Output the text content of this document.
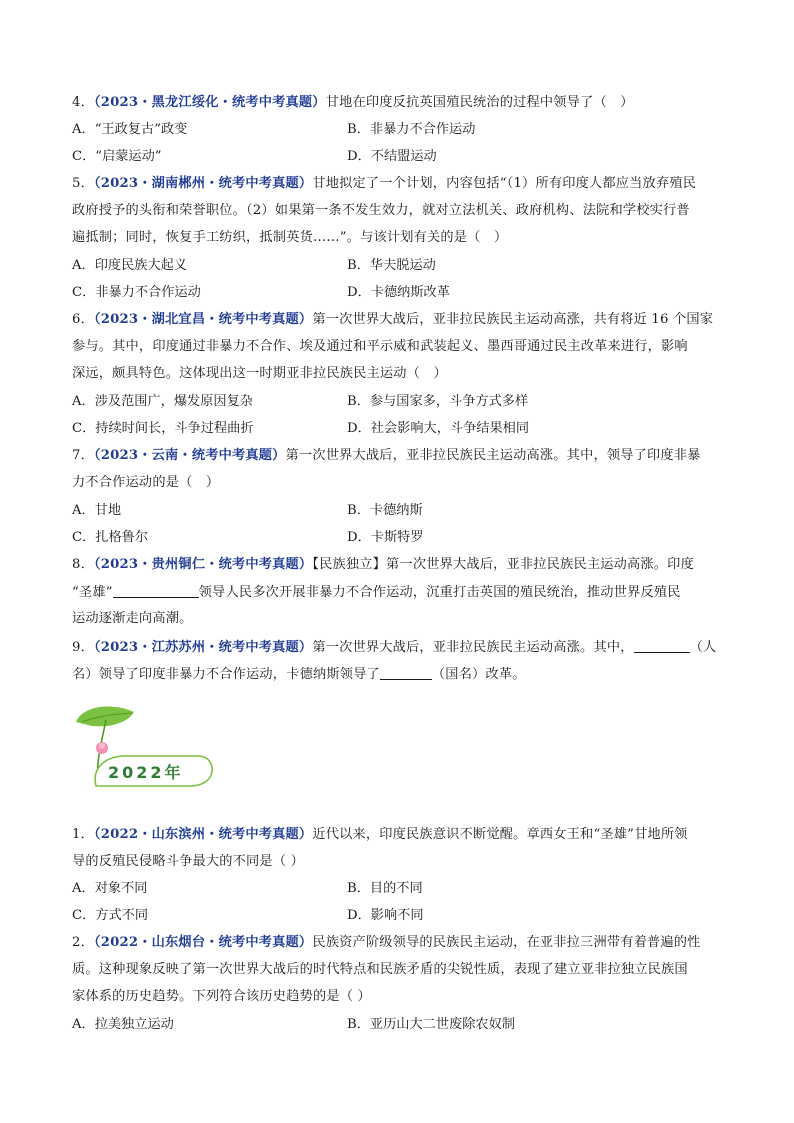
4．（2023・黑龙江绥化・统考中考真题）甘地在印度反抗英国殖民统治的过程中领导了（　）
A．“王政复古”政变	B．非暴力不合作运动
C．“启蒙运动”	D．不结盟运动
5．（2023・湖南郴州・统考中考真题）甘地拟定了一个计划，内容包括“（1）所有印度人都应当放弃殖民
政府授予的头衔和荣誉职位。（2）如果第一条不发生效力，就对立法机关、政府机构、法院和学校实行普
遍抵制；同时，恢复手工纺织，抵制英货……”。与该计划有关的是（　）
A．印度民族大起义	B．华夫脱运动
C．非暴力不合作运动	D．卡德纳斯改革
6．（2023・湖北宜昌・统考中考真题）第一次世界大战后，亚非拉民族民主运动高涨，共有将近 16 个国家
参与。其中，印度通过非暴力不合作、埃及通过和平示威和武装起义、墨西哥通过民主改革来进行，影响
深远，颇具特色。这体现出这一时期亚非拉民族民主运动（　）
A．涉及范围广，爆发原因复杂	B．参与国家多，斗争方式多样
C．持续时间长，斗争过程曲折	D．社会影响大，斗争结果相同
7．（2023・云南・统考中考真题）第一次世界大战后，亚非拉民族民主运动高涨。其中，领导了印度非暴
力不合作运动的是（　）
A．甘地	B．卡德纳斯
C．扎格鲁尔	D．卡斯特罗
8．（2023・贵州铜仁・统考中考真题）【民族独立】第一次世界大战后，亚非拉民族民主运动高涨。印度
“圣雄”	领导人民多次开展非暴力不合作运动，沉重打击英国的殖民统治，推动世界反殖民
运动逐渐走向高潮。
9．（2023・江苏苏州・统考中考真题）第一次世界大战后，亚非拉民族民主运动高涨。其中，	（人
名）领导了印度非暴力不合作运动，卡德纳斯领导了	（国名）改革。
2022年
1．（2022・山东滨州・统考中考真题）近代以来，印度民族意识不断觉醒。章西女王和“圣雄”甘地所领
导的反殖民侵略斗争最大的不同是（ ）
A．对象不同	B．目的不同
C．方式不同	D．影响不同
2．（2022・山东烟台・统考中考真题）民族资产阶级领导的民族民主运动，在亚非拉三洲带有着普遍的性
质。这种现象反映了第一次世界大战后的时代特点和民族矛盾的尖锐性质，表现了建立亚非拉独立民族国
家体系的历史趋势。下列符合该历史趋势的是（ ）
A．拉美独立运动	B．亚历山大二世废除农奴制
